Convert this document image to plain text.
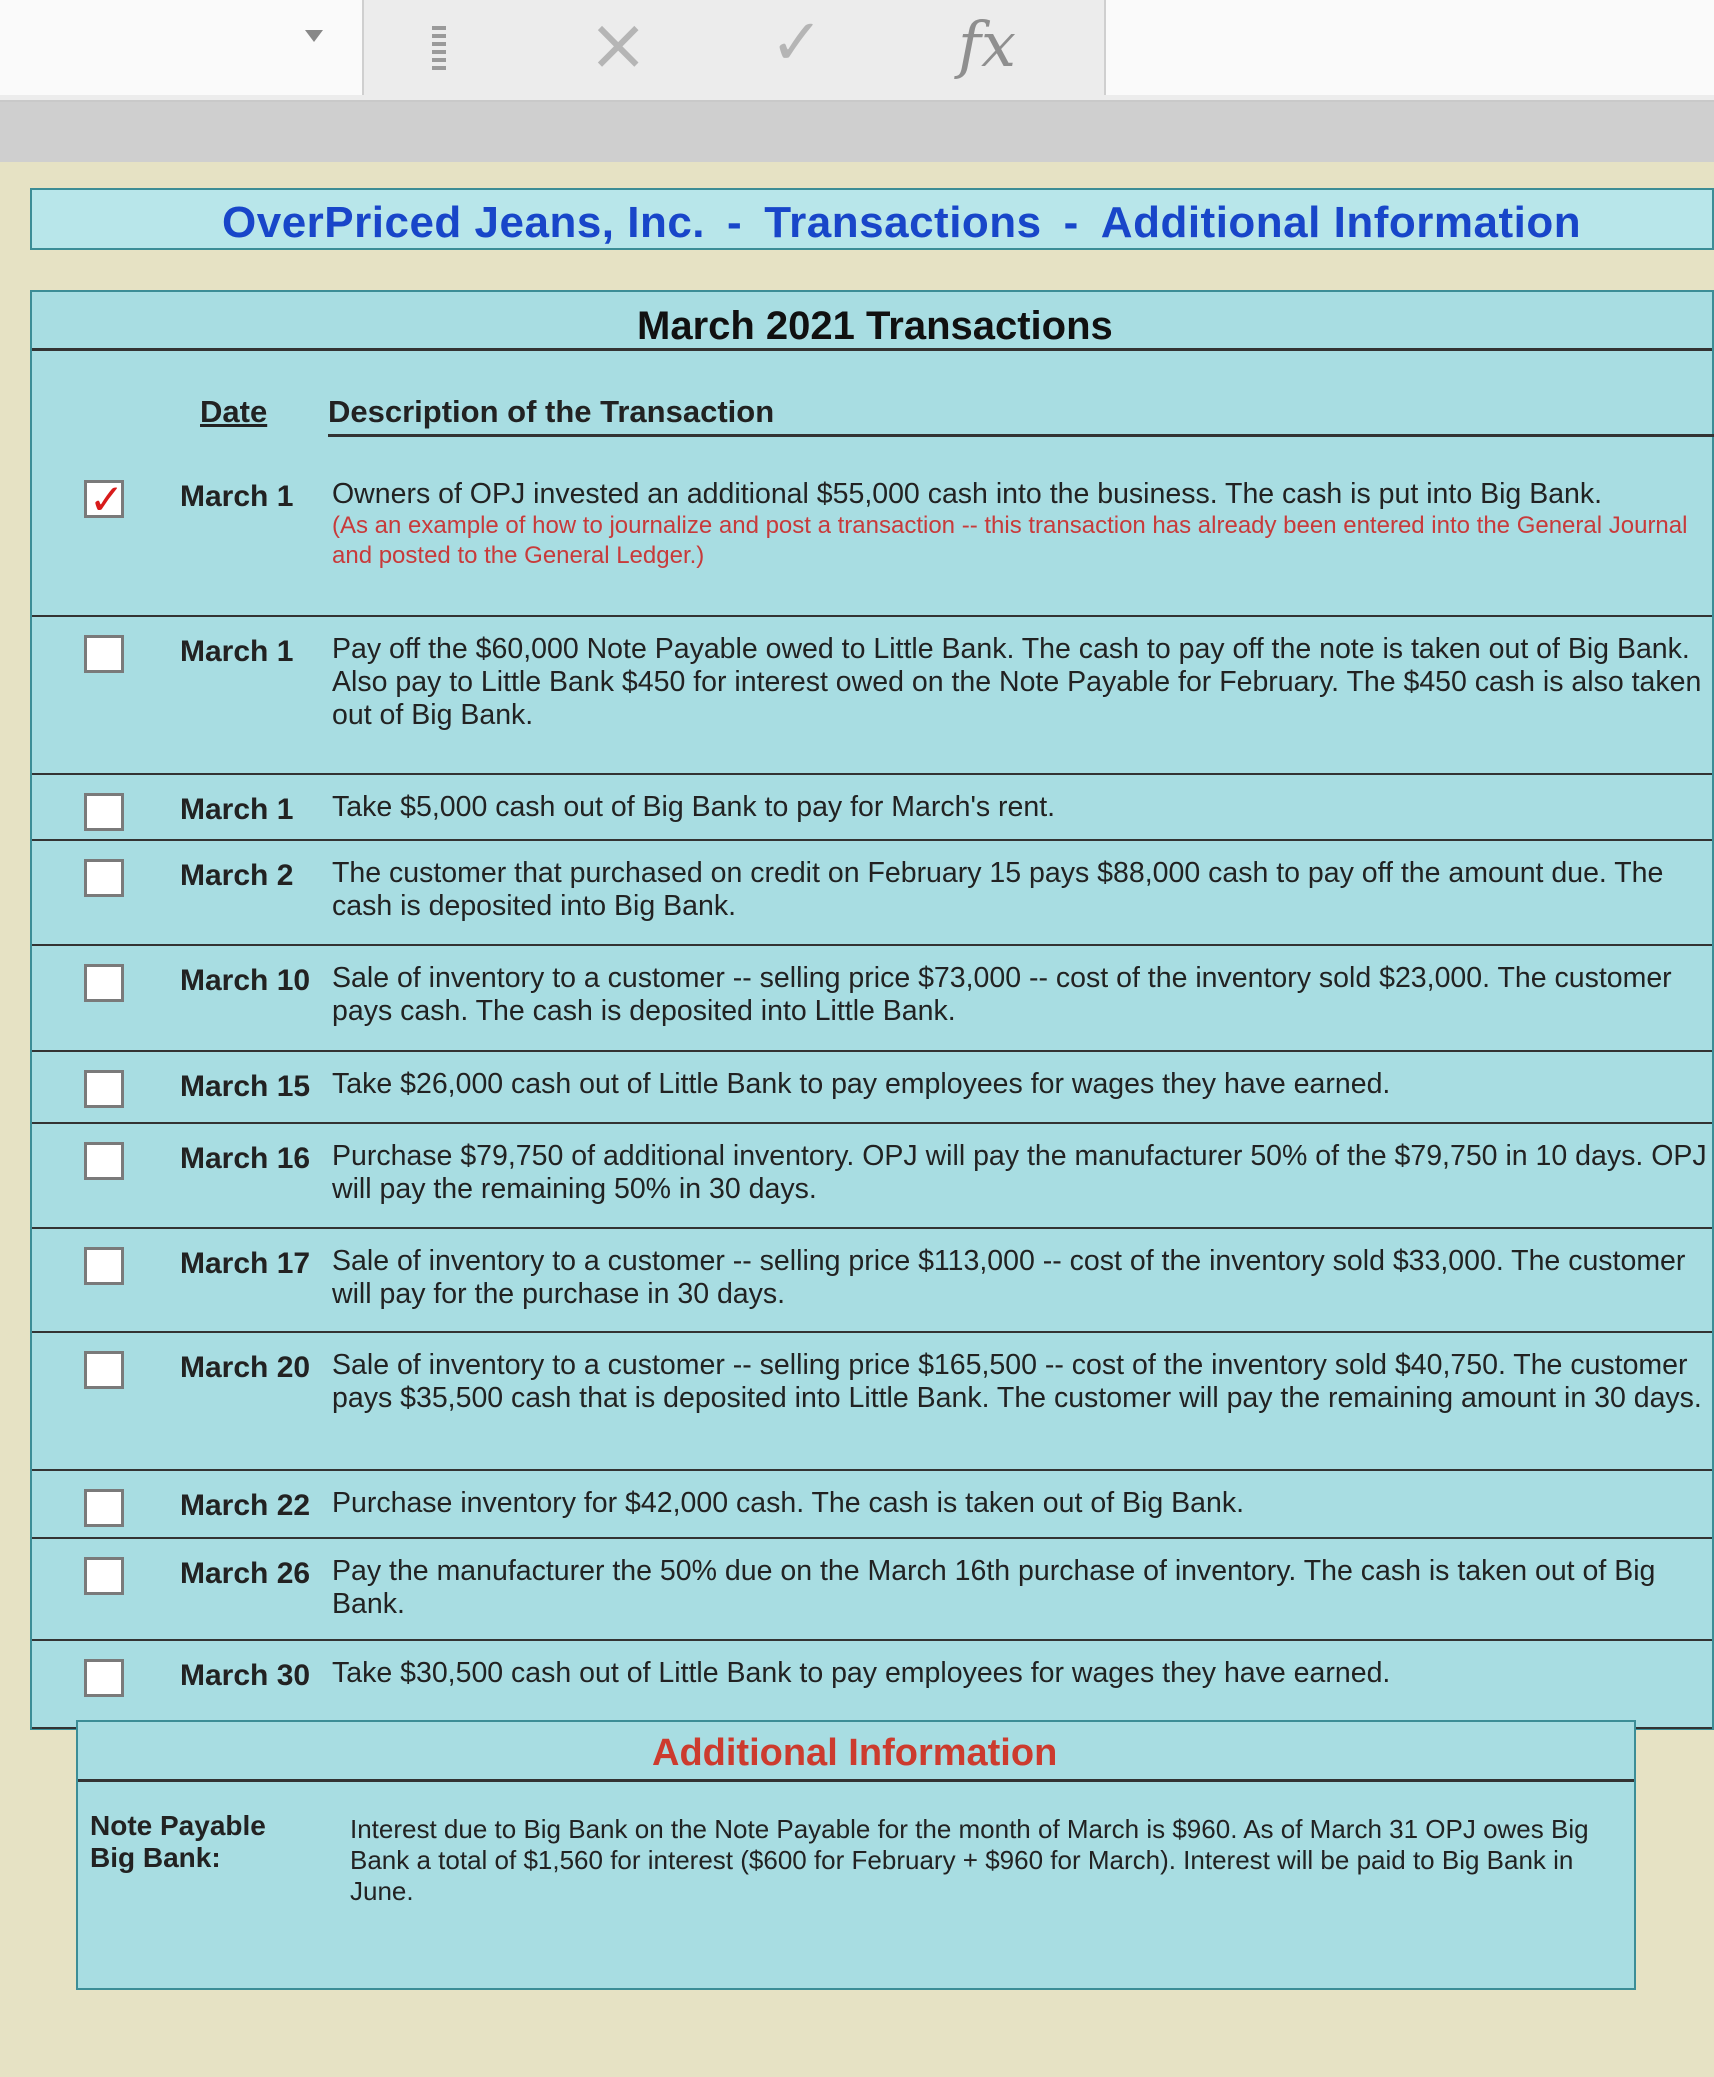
× ✓ fx
OverPriced Jeans, Inc. - Transactions - Additional Information
March 2021 Transactions
Date Description of the Transaction
✓
March 1 Owners of OPJ invested an additional $55,000 cash into the business. The cash is put into Big Bank.
(As an example of how to journalize and post a transaction -- this transaction has already been entered into the General Journal and posted to the General Ledger.)
March 1 Pay off the $60,000 Note Payable owed to Little Bank. The cash to pay off the note is taken out of Big Bank. Also pay to Little Bank $450 for interest owed on the Note Payable for February. The $450 cash is also taken out of Big Bank.
March 1 Take $5,000 cash out of Big Bank to pay for March's rent.
March 2 The customer that purchased on credit on February 15 pays $88,000 cash to pay off the amount due. The cash is deposited into Big Bank.
March 10 Sale of inventory to a customer -- selling price $73,000 -- cost of the inventory sold $23,000. The customer pays cash. The cash is deposited into Little Bank.
March 15 Take $26,000 cash out of Little Bank to pay employees for wages they have earned.
March 16 Purchase $79,750 of additional inventory. OPJ will pay the manufacturer 50% of the $79,750 in 10 days. OPJ will pay the remaining 50% in 30 days.
March 17 Sale of inventory to a customer -- selling price $113,000 -- cost of the inventory sold $33,000. The customer will pay for the purchase in 30 days.
March 20 Sale of inventory to a customer -- selling price $165,500 -- cost of the inventory sold $40,750. The customer pays $35,500 cash that is deposited into Little Bank. The customer will pay the remaining amount in 30 days.
March 22 Purchase inventory for $42,000 cash. The cash is taken out of Big Bank.
March 26 Pay the manufacturer the 50% due on the March 16th purchase of inventory. The cash is taken out of Big Bank.
March 30 Take $30,500 cash out of Little Bank to pay employees for wages they have earned.
Additional Information
Note Payable
Big Bank:
Interest due to Big Bank on the Note Payable for the month of March is $960. As of March 31 OPJ owes Big Bank a total of $1,560 for interest ($600 for February + $960 for March). Interest will be paid to Big Bank in June.
